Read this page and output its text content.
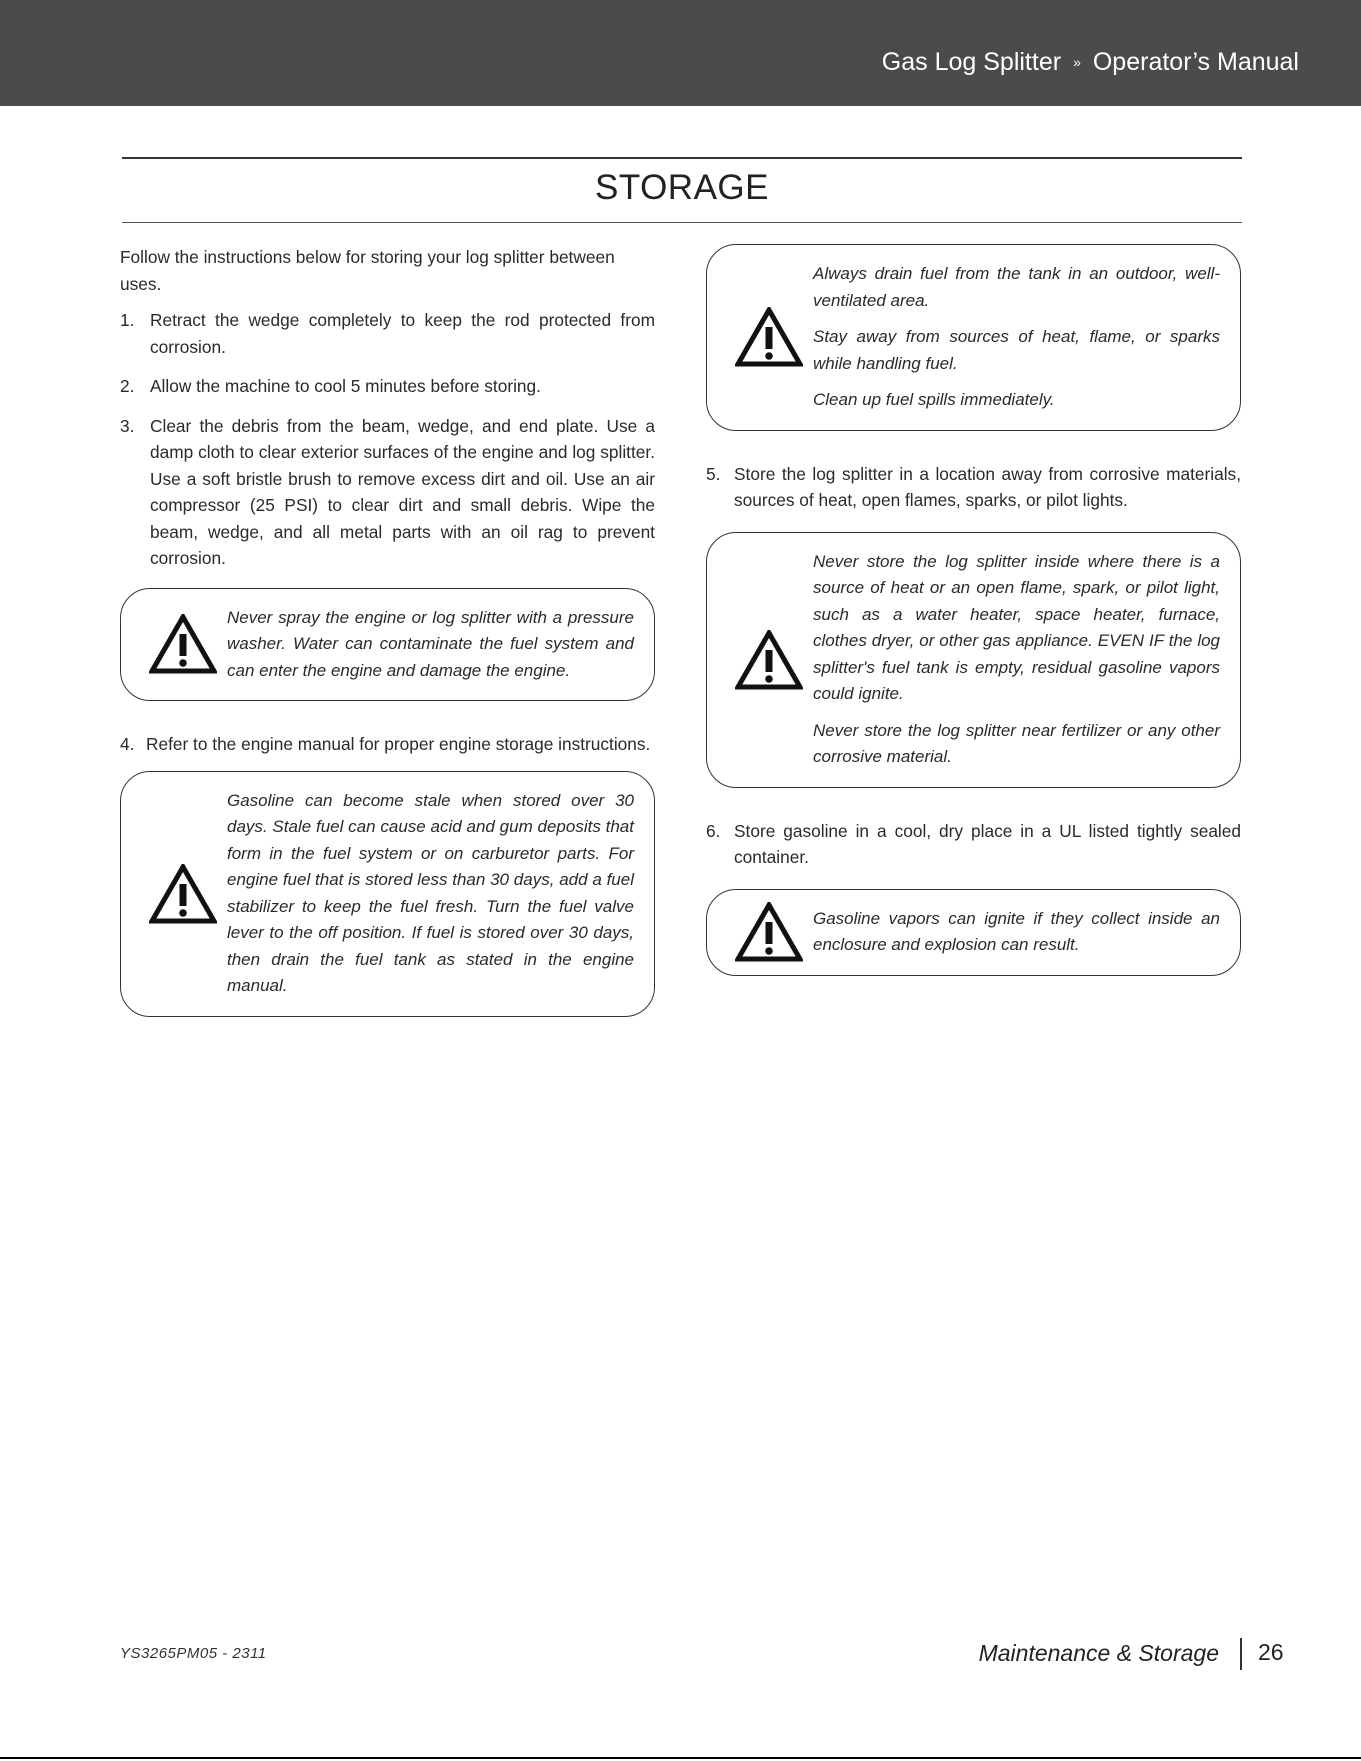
Gas Log Splitter » Operator’s Manual
STORAGE

Follow the instructions below for storing your log splitter between uses.

1. Retract the wedge completely to keep the rod protected from corrosion.
2. Allow the machine to cool 5 minutes before storing.
3. Clear the debris from the beam, wedge, and end plate. Use a damp cloth to clear exterior surfaces of the engine and log splitter. Use a soft bristle brush to remove excess dirt and oil. Use an air compressor (25 PSI) to clear dirt and small debris. Wipe the beam, wedge, and all metal parts with an oil rag to prevent corrosion.

Never spray the engine or log splitter with a pressure washer. Water can contaminate the fuel system and can enter the engine and damage the engine.

4. Refer to the engine manual for proper engine storage instructions.

Gasoline can become stale when stored over 30 days. Stale fuel can cause acid and gum deposits that form in the fuel system or on carburetor parts. For engine fuel that is stored less than 30 days, add a fuel stabilizer to keep the fuel fresh. Turn the fuel valve lever to the off position. If fuel is stored over 30 days, then drain the fuel tank as stated in the engine manual.

Always drain fuel from the tank in an outdoor, well-ventilated area.

Stay away from sources of heat, flame, or sparks while handling fuel.

Clean up fuel spills immediately.

5. Store the log splitter in a location away from corrosive materials, sources of heat, open flames, sparks, or pilot lights.

Never store the log splitter inside where there is a source of heat or an open flame, spark, or pilot light, such as a water heater, space heater, furnace, clothes dryer, or other gas appliance. EVEN IF the log splitter's fuel tank is empty, residual gasoline vapors could ignite.

Never store the log splitter near fertilizer or any other corrosive material.

6. Store gasoline in a cool, dry place in a UL listed tightly sealed container.

Gasoline vapors can ignite if they collect inside an enclosure and explosion can result.

YS3265PM05 - 2311	Maintenance & Storage 26
